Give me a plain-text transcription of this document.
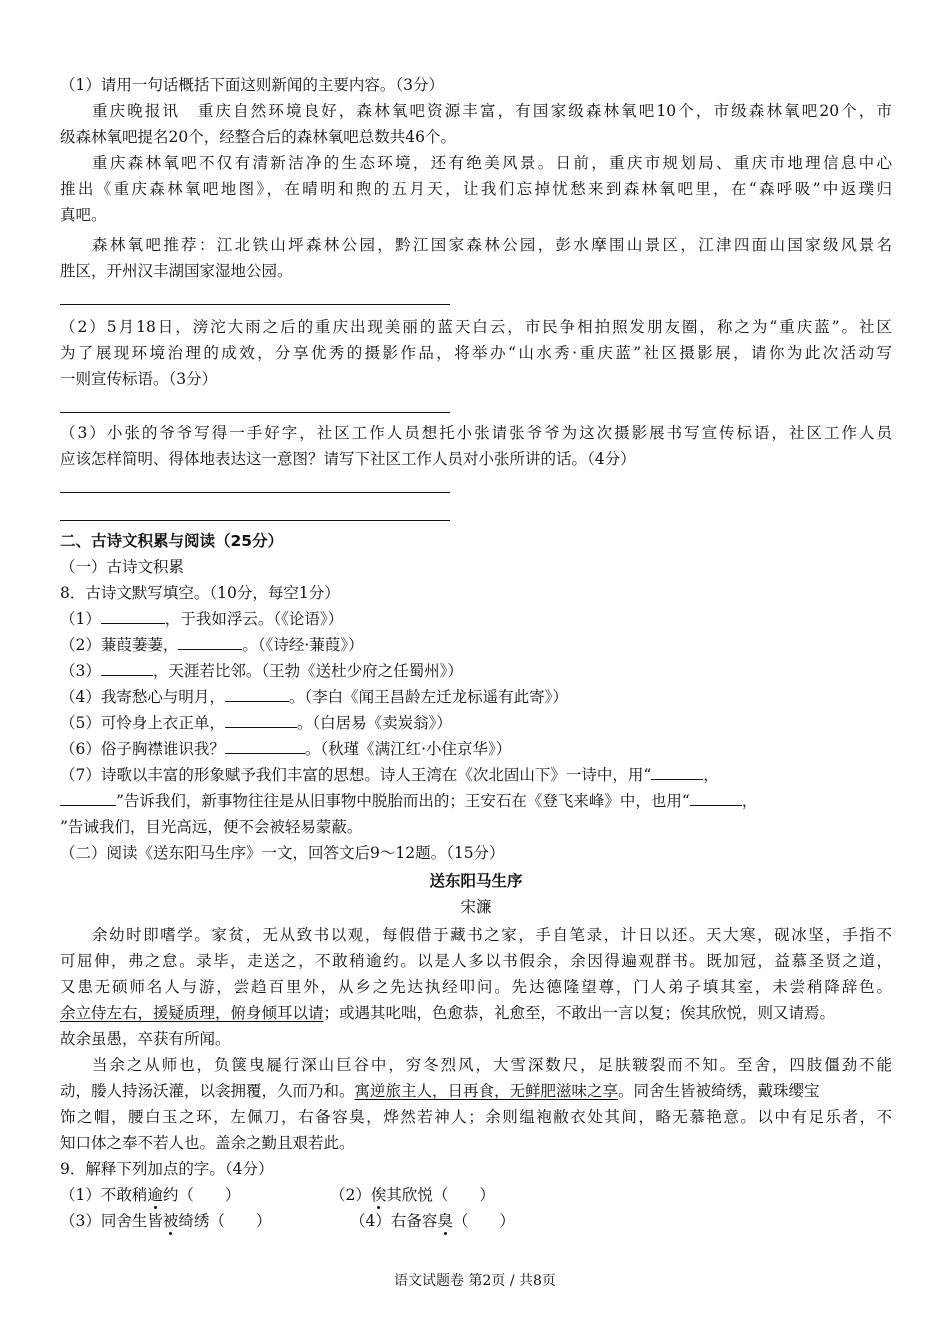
（1）请用一句话概括下面这则新闻的主要内容。（3分）
重庆晚报讯　重庆自然环境良好，森林氧吧资源丰富，有国家级森林氧吧10个，市级森林氧吧20个，市
级森林氧吧提名20个，经整合后的森林氧吧总数共46个。
重庆森林氧吧不仅有清新洁净的生态环境，还有绝美风景。日前，重庆市规划局、重庆市地理信息中心
推出《重庆森林氧吧地图》，在晴明和煦的五月天，让我们忘掉忧愁来到森林氧吧里，在“森呼吸”中返璞归
真吧。
森林氧吧推荐：江北铁山坪森林公园，黔江国家森林公园，彭水摩围山景区，江津四面山国家级风景名
胜区，开州汉丰湖国家湿地公园。
（2）5月18日，滂沱大雨之后的重庆出现美丽的蓝天白云，市民争相拍照发朋友圈，称之为“重庆蓝”。社区
为了展现环境治理的成效，分享优秀的摄影作品，将举办“山水秀·重庆蓝”社区摄影展，请你为此次活动写
一则宣传标语。（3分）
（3）小张的爷爷写得一手好字，社区工作人员想托小张请张爷爷为这次摄影展书写宣传标语，社区工作人员
应该怎样简明、得体地表达这一意图？请写下社区工作人员对小张所讲的话。（4分）
二、古诗文积累与阅读（25分）
（一）古诗文积累
8．古诗文默写填空。（10分，每空1分）
（1）	，于我如浮云。（《论语》）
（2）蒹葭萋萋，	。（《诗经·蒹葭》）
（3）	，天涯若比邻。（王勃《送杜少府之任蜀州》）
（4）我寄愁心与明月，	。（李白《闻王昌龄左迁龙标遥有此寄》）
（5）可怜身上衣正单，	。（白居易《卖炭翁》）
（6）俗子胸襟谁识我？	。（秋瑾《满江红·小住京华》）
（7）诗歌以丰富的形象赋予我们丰富的思想。诗人王湾在《次北固山下》一诗中，用“	，
”告诉我们，新事物往往是从旧事物中脱胎而出的；王安石在《登飞来峰》中，也用“	，
”告诫我们，目光高远，便不会被轻易蒙蔽。
（二）阅读《送东阳马生序》一文，回答文后9～12题。（15分）
送东阳马生序
宋濂
余幼时即嗜学。家贫，无从致书以观，每假借于藏书之家，手自笔录，计日以还。天大寒，砚冰坚，手指不
可屈伸，弗之怠。录毕，走送之，不敢稍逾约。以是人多以书假余，余因得遍观群书。既加冠，益慕圣贤之道，
又患无硕师名人与游，尝趋百里外，从乡之先达执经叩问。先达德隆望尊，门人弟子填其室，未尝稍降辞色。
余立侍左右，援疑质理，俯身倾耳以请；或遇其叱咄，色愈恭，礼愈至，不敢出一言以复；俟其欣悦，则又请焉。
故余虽愚，卒获有所闻。
当余之从师也，负箧曳屣行深山巨谷中，穷冬烈风，大雪深数尺，足肤皲裂而不知。至舍，四肢僵劲不能
动，媵人持汤沃灌，以衾拥覆，久而乃和。寓逆旅主人，日再食，无鲜肥滋味之享。同舍生皆被绮绣，戴珠缨宝
饰之帽，腰白玉之环，左佩刀，右备容臭，烨然若神人；余则缊袍敝衣处其间，略无慕艳意。以中有足乐者，不
知口体之奉不若人也。盖余之勤且艰若此。
9．解释下列加点的字。（4分）
（1）不敢稍逾约（　　）	（2）俟其欣悦（　　）
（3）同舍生皆被绮绣（　　）	（4）右备容臭（　　）
语文试题卷 第2页 / 共8页
